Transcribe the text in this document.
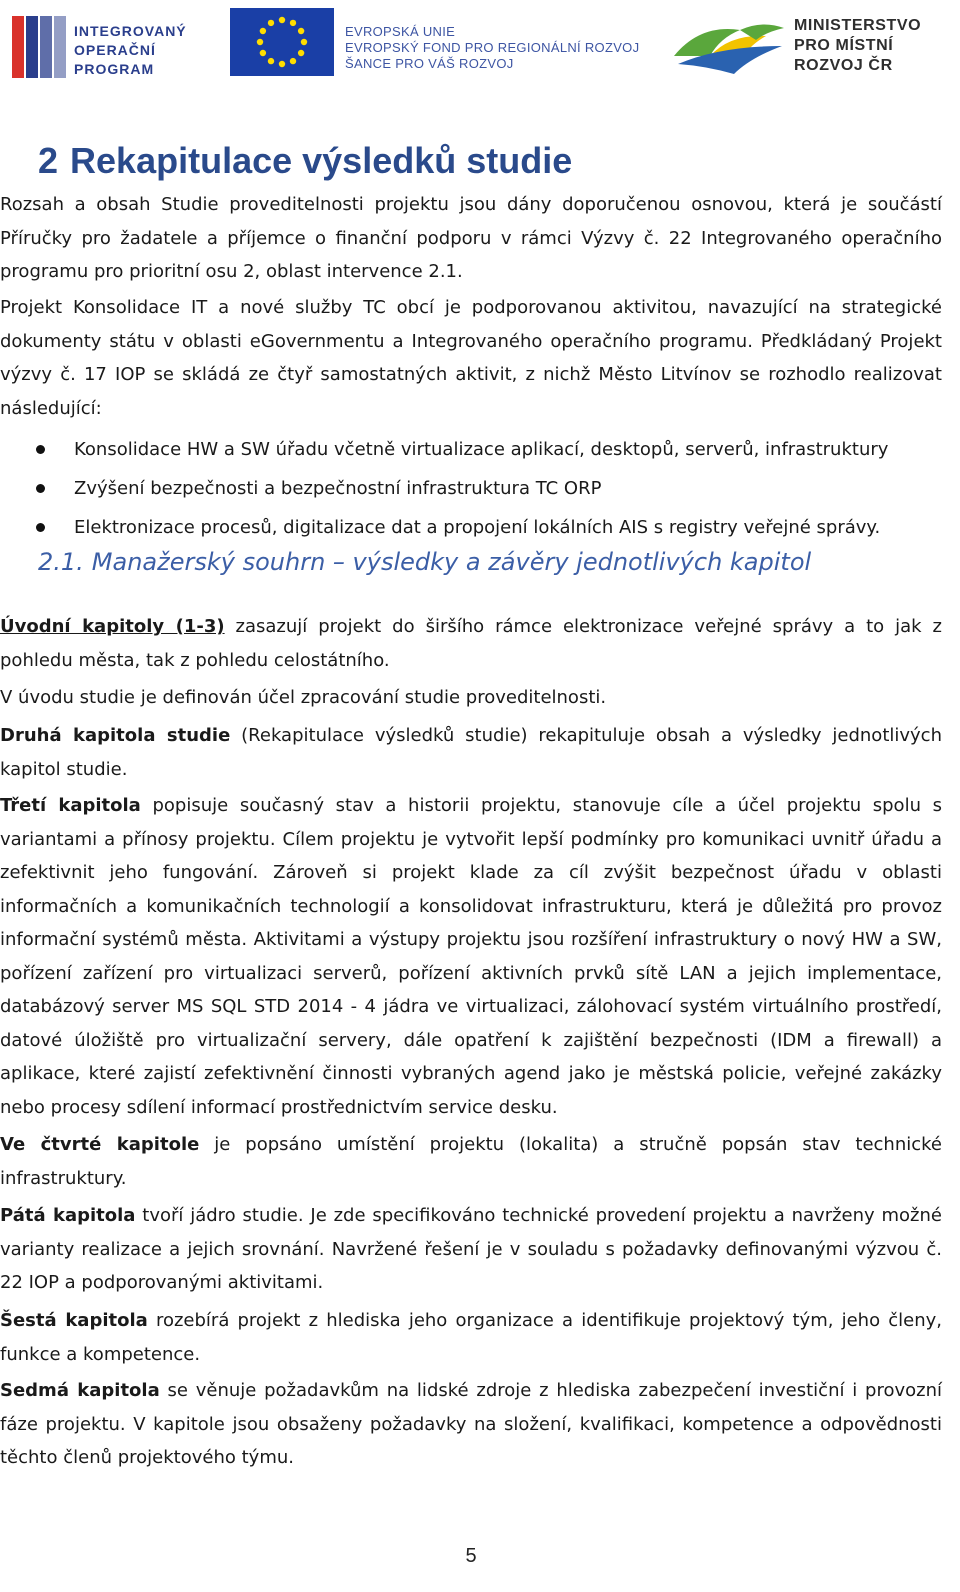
INTEGROVANÝ
OPERAČNÍ
PROGRAM
EVROPSKÁ UNIE
EVROPSKÝ FOND PRO REGIONÁLNÍ ROZVOJ
ŠANCE PRO VÁŠ ROZVOJ
MINISTERSTVO
PRO MÍSTNÍ
ROZVOJ ČR
2 Rekapitulace výsledků studie

Rozsah a obsah Studie proveditelnosti projektu jsou dány doporučenou osnovou, která je součástí Příručky pro žadatele a příjemce o finanční podporu v rámci Výzvy č. 22 Integrovaného operačního programu pro prioritní osu 2, oblast intervence 2.1.

Projekt Konsolidace IT a nové služby TC obcí je podporovanou aktivitou, navazující na strategické dokumenty státu v oblasti eGovernmentu a Integrovaného operačního programu. Předkládaný Projekt výzvy č. 17 IOP se skládá ze čtyř samostatných aktivit, z nichž Město Litvínov se rozhodlo realizovat následující:

Konsolidace HW a SW úřadu včetně virtualizace aplikací, desktopů, serverů, infrastruktury
Zvýšení bezpečnosti a bezpečnostní infrastruktura TC ORP
Elektronizace procesů, digitalizace dat a propojení lokálních AIS s registry veřejné správy.
2.1. Manažerský souhrn – výsledky a závěry jednotlivých kapitol

Úvodní kapitoly (1-3) zasazují projekt do širšího rámce elektronizace veřejné správy a to jak z pohledu města, tak z pohledu celostátního.

V úvodu studie je definován účel zpracování studie proveditelnosti.

Druhá kapitola studie (Rekapitulace výsledků studie) rekapituluje obsah a výsledky jednotlivých kapitol studie.

Třetí kapitola popisuje současný stav a historii projektu, stanovuje cíle a účel projektu spolu s variantami a přínosy projektu. Cílem projektu je vytvořit lepší podmínky pro komunikaci uvnitř úřadu a zefektivnit jeho fungování. Zároveň si projekt klade za cíl zvýšit bezpečnost úřadu v oblasti informačních a komunikačních technologií a konsolidovat infrastrukturu, která je důležitá pro provoz informační systémů města. Aktivitami a výstupy projektu jsou rozšíření infrastruktury o nový HW a SW, pořízení zařízení pro virtualizaci serverů, pořízení aktivních prvků sítě LAN a jejich implementace, databázový server MS SQL STD 2014 - 4 jádra ve virtualizaci, zálohovací systém virtuálního prostředí, datové úložiště pro virtualizační servery, dále opatření k zajištění bezpečnosti (IDM a firewall) a aplikace, které zajistí zefektivnění činnosti vybraných agend jako je městská policie, veřejné zakázky nebo procesy sdílení informací prostřednictvím service desku.

Ve čtvrté kapitole je popsáno umístění projektu (lokalita) a stručně popsán stav technické infrastruktury.

Pátá kapitola tvoří jádro studie. Je zde specifikováno technické provedení projektu a navrženy možné varianty realizace a jejich srovnání. Navržené řešení je v souladu s požadavky definovanými výzvou č. 22 IOP a podporovanými aktivitami.

Šestá kapitola rozebírá projekt z hlediska jeho organizace a identifikuje projektový tým, jeho členy, funkce a kompetence.

Sedmá kapitola se věnuje požadavkům na lidské zdroje z hlediska zabezpečení investiční i provozní fáze projektu. V kapitole jsou obsaženy požadavky na složení, kvalifikaci, kompetence a odpovědnosti těchto členů projektového týmu.

5
